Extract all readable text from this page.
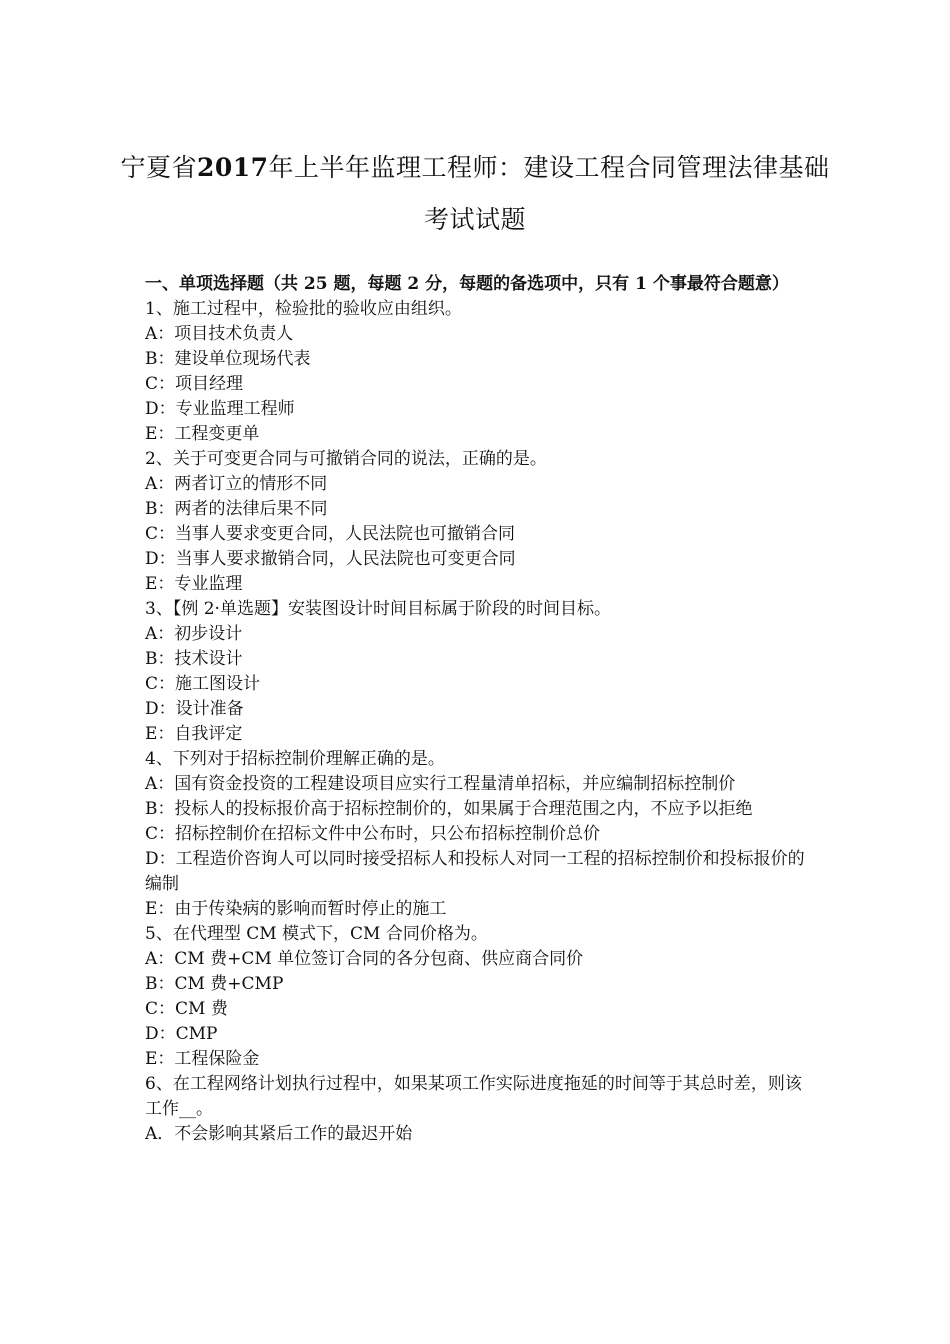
宁夏省2017年上半年监理工程师：建设工程合同管理法律基础考试试题

一、单项选择题（共 25 题，每题 2 分，每题的备选项中，只有 1 个事最符合题意）

1、施工过程中，检验批的验收应由组织。

A：项目技术负责人

B：建设单位现场代表

C：项目经理

D：专业监理工程师

E：工程变更单

2、关于可变更合同与可撤销合同的说法，正确的是。

A：两者订立的情形不同

B：两者的法律后果不同

C：当事人要求变更合同，人民法院也可撤销合同

D：当事人要求撤销合同，人民法院也可变更合同

E：专业监理

3、【例 2·单选题】安装图设计时间目标属于阶段的时间目标。

A：初步设计

B：技术设计

C：施工图设计

D：设计准备

E：自我评定

4、下列对于招标控制价理解正确的是。

A：国有资金投资的工程建设项目应实行工程量清单招标，并应编制招标控制价

B：投标人的投标报价高于招标控制价的，如果属于合理范围之内，不应予以拒绝

C：招标控制价在招标文件中公布时，只公布招标控制价总价

D：工程造价咨询人可以同时接受招标人和投标人对同一工程的招标控制价和投标报价的编制

E：由于传染病的影响而暂时停止的施工

5、在代理型 CM 模式下，CM 合同价格为。

A：CM 费+CM 单位签订合同的各分包商、供应商合同价

B：CM 费+CMP

C：CM 费

D：CMP

E：工程保险金

6、在工程网络计划执行过程中，如果某项工作实际进度拖延的时间等于其总时差，则该工作__。

A．不会影响其紧后工作的最迟开始
